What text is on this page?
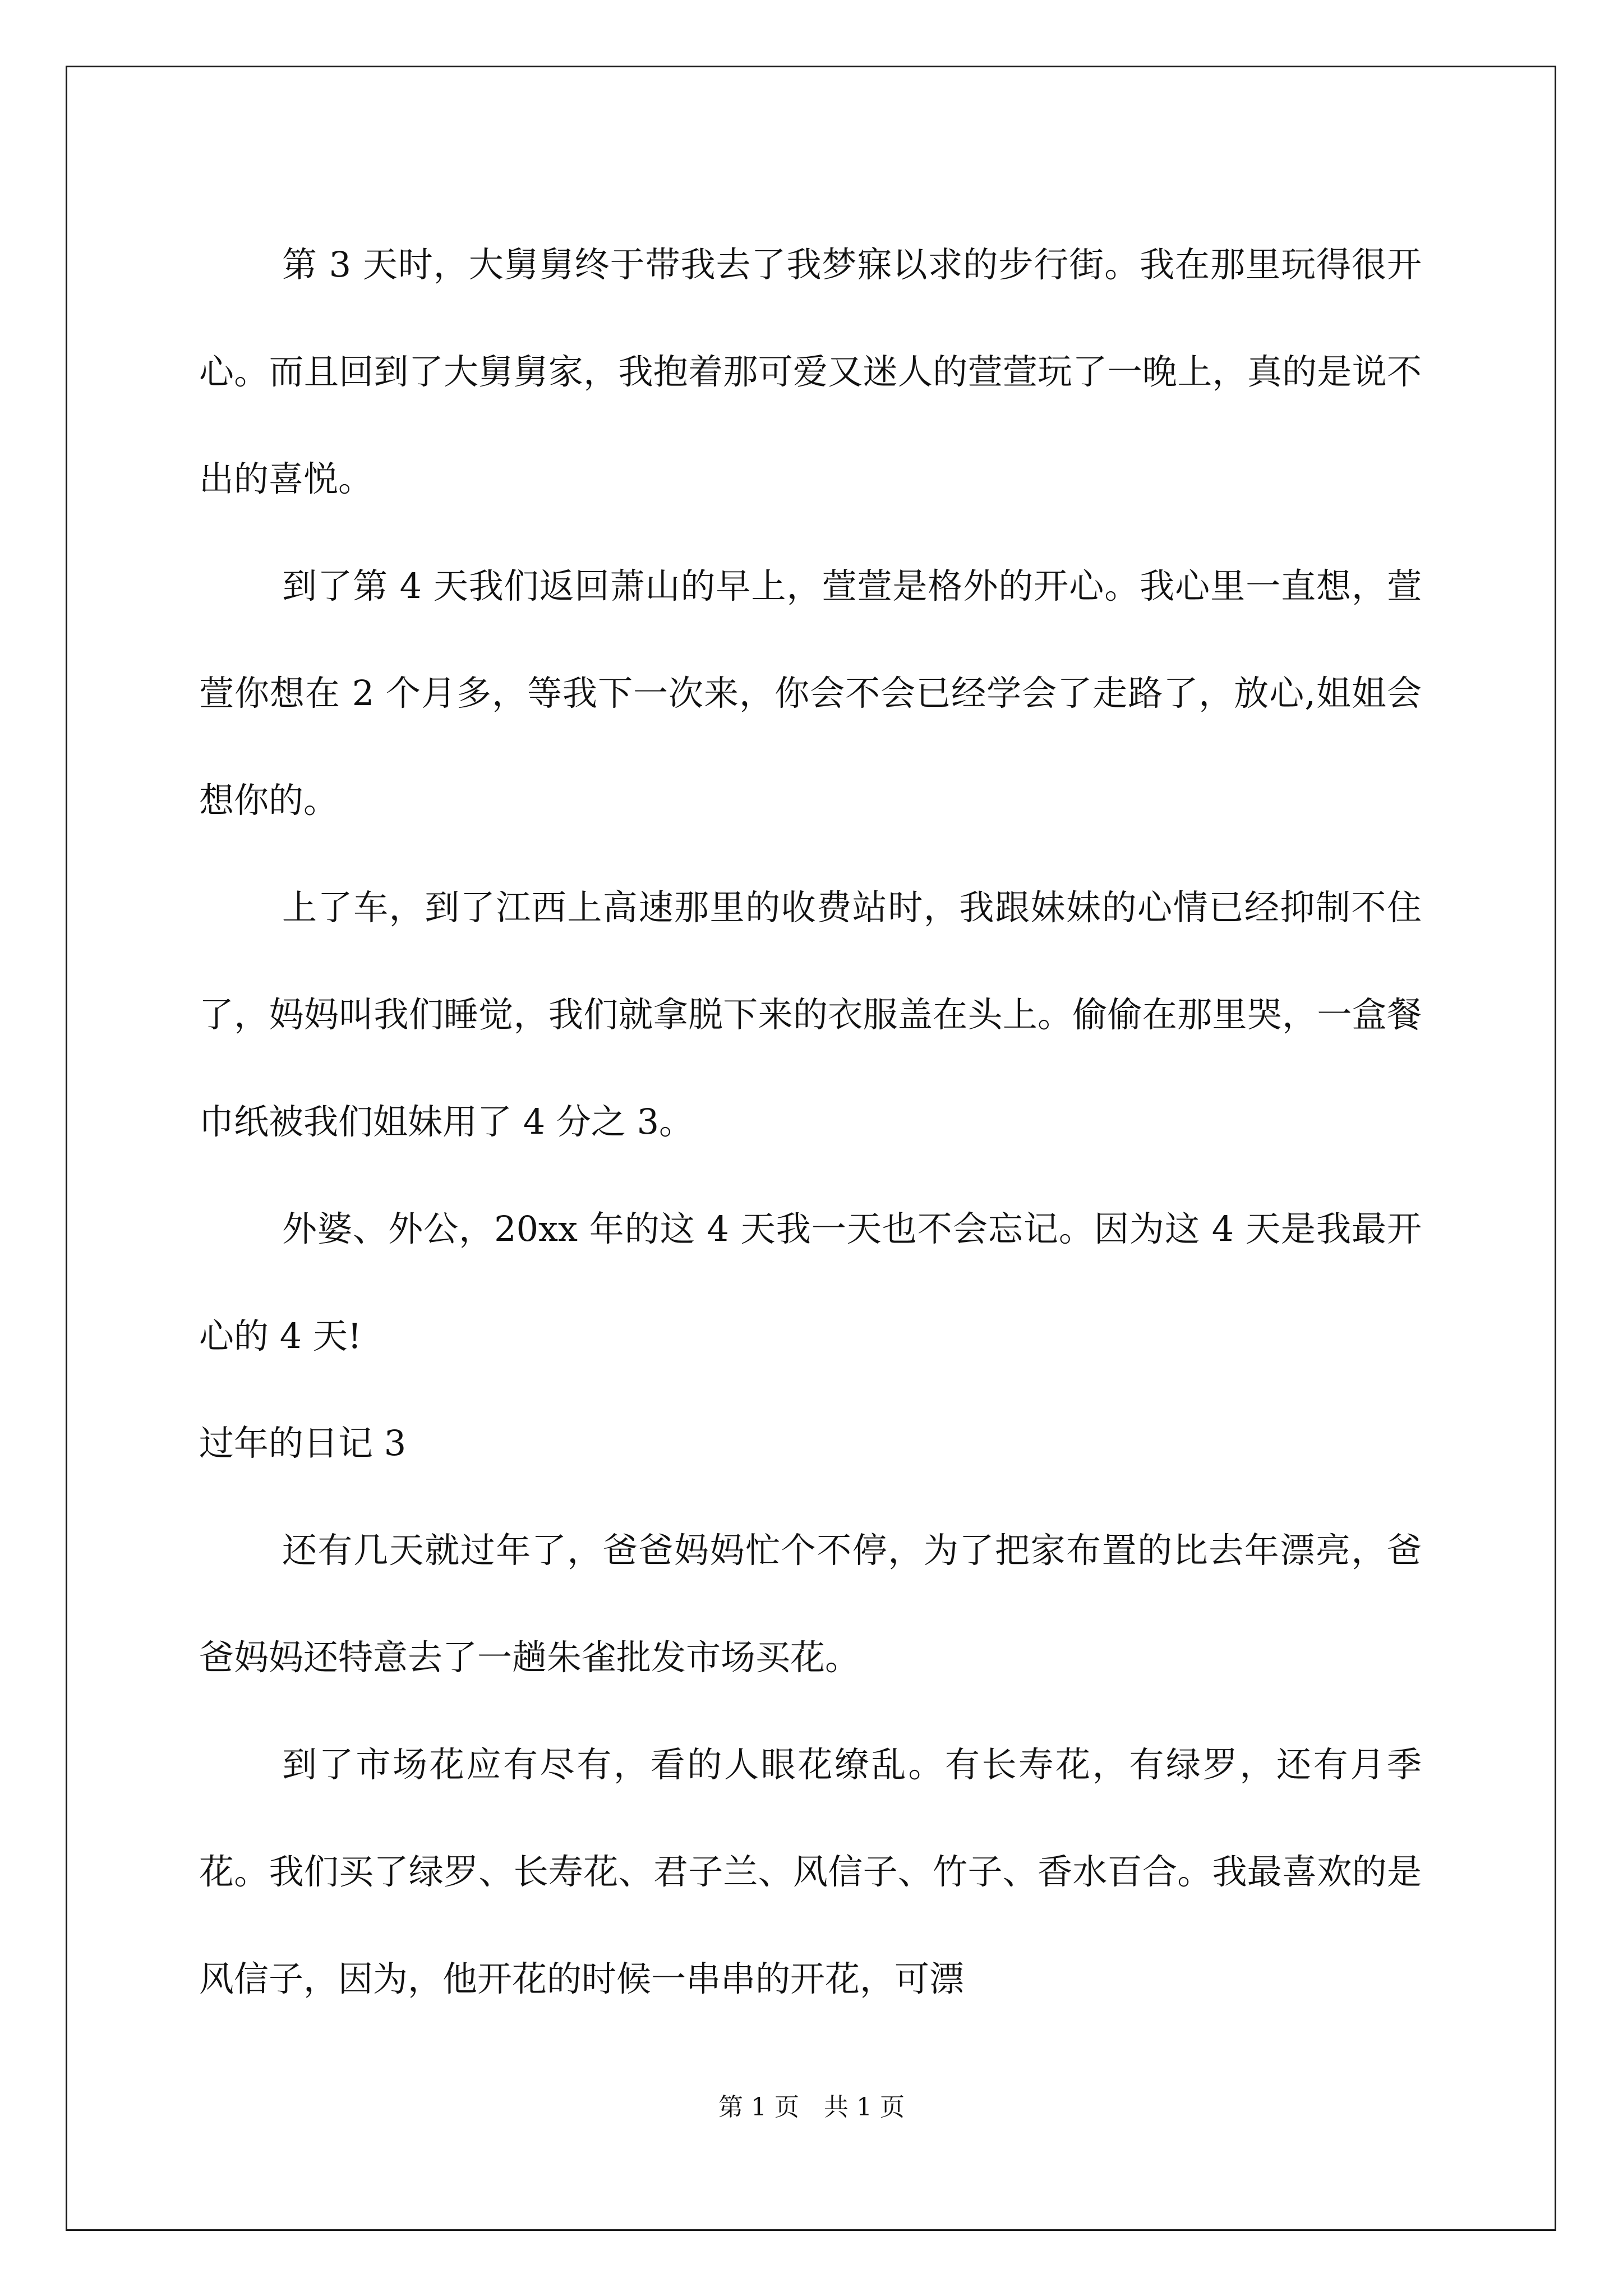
第 3 天时，大舅舅终于带我去了我梦寐以求的步行街。我在那里玩得很开心。而且回到了大舅舅家，我抱着那可爱又迷人的萱萱玩了一晚上，真的是说不出的喜悦。

到了第 4 天我们返回萧山的早上，萱萱是格外的开心。我心里一直想，萱萱你想在 2 个月多，等我下一次来，你会不会已经学会了走路了，放心,姐姐会想你的。

上了车，到了江西上高速那里的收费站时，我跟妹妹的心情已经抑制不住了，妈妈叫我们睡觉，我们就拿脱下来的衣服盖在头上。偷偷在那里哭，一盒餐巾纸被我们姐妹用了 4 分之 3。

外婆、外公，20xx 年的这 4 天我一天也不会忘记。因为这 4 天是我最开心的 4 天!

过年的日记 3

还有几天就过年了，爸爸妈妈忙个不停，为了把家布置的比去年漂亮，爸爸妈妈还特意去了一趟朱雀批发市场买花。

到了市场花应有尽有，看的人眼花缭乱。有长寿花，有绿罗，还有月季花。我们买了绿罗、长寿花、君子兰、风信子、竹子、香水百合。我最喜欢的是风信子，因为，他开花的时候一串串的开花，可漂

第 1 页　共 1 页
